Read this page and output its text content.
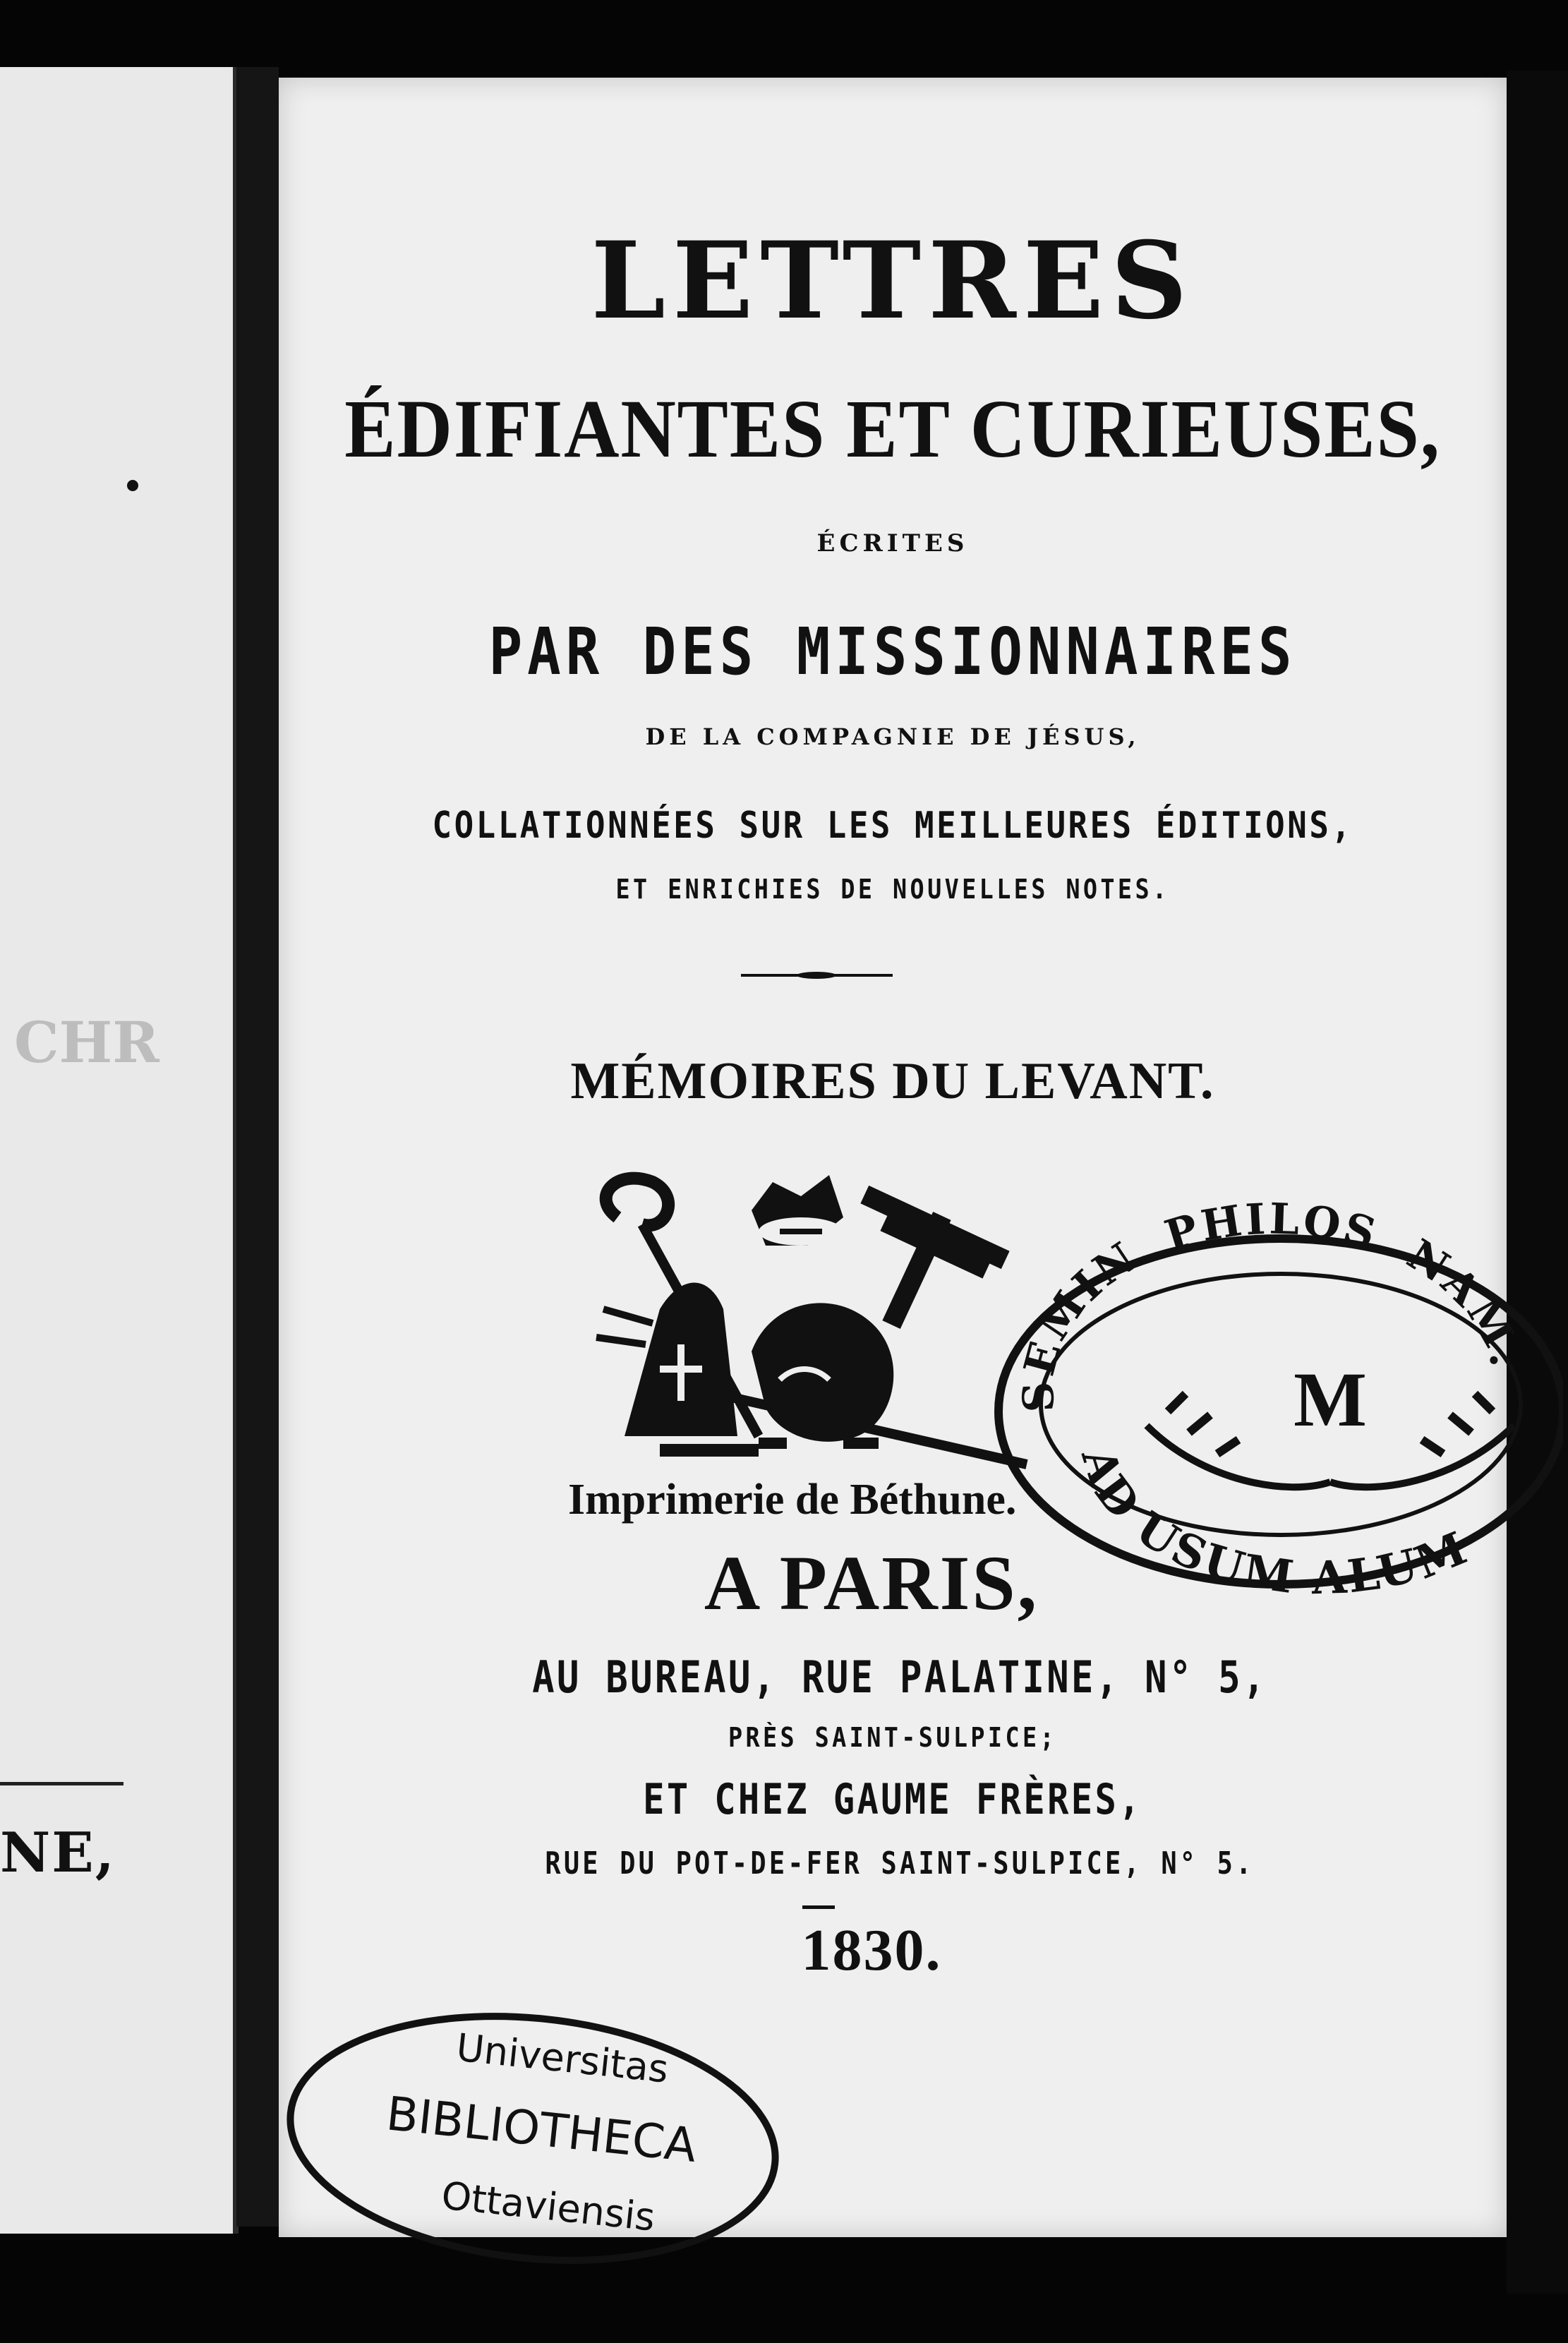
CHR
NE,
LETTRES
ÉDIFIANTES ET CURIEUSES,
ÉCRITES
PAR DES MISSIONNAIRES
DE LA COMPAGNIE DE JÉSUS,
COLLATIONNÉES SUR LES MEILLEURES ÉDITIONS,
ET ENRICHIES DE NOUVELLES NOTES.
MÉMOIRES DU LEVANT.
Imprimerie de Béthune.
A PARIS,
AU BUREAU, RUE PALATINE, N° 5,
PRÈS SAINT-SULPICE;
ET CHEZ GAUME FRÈRES,
RUE DU POT-DE-FER SAINT-SULPICE, N° 5.
1830.
SEMIN. PHILOS. NAM.
M
AD USUM ALUM
Universitas
BIBLIOTHECA
Ottaviensis
